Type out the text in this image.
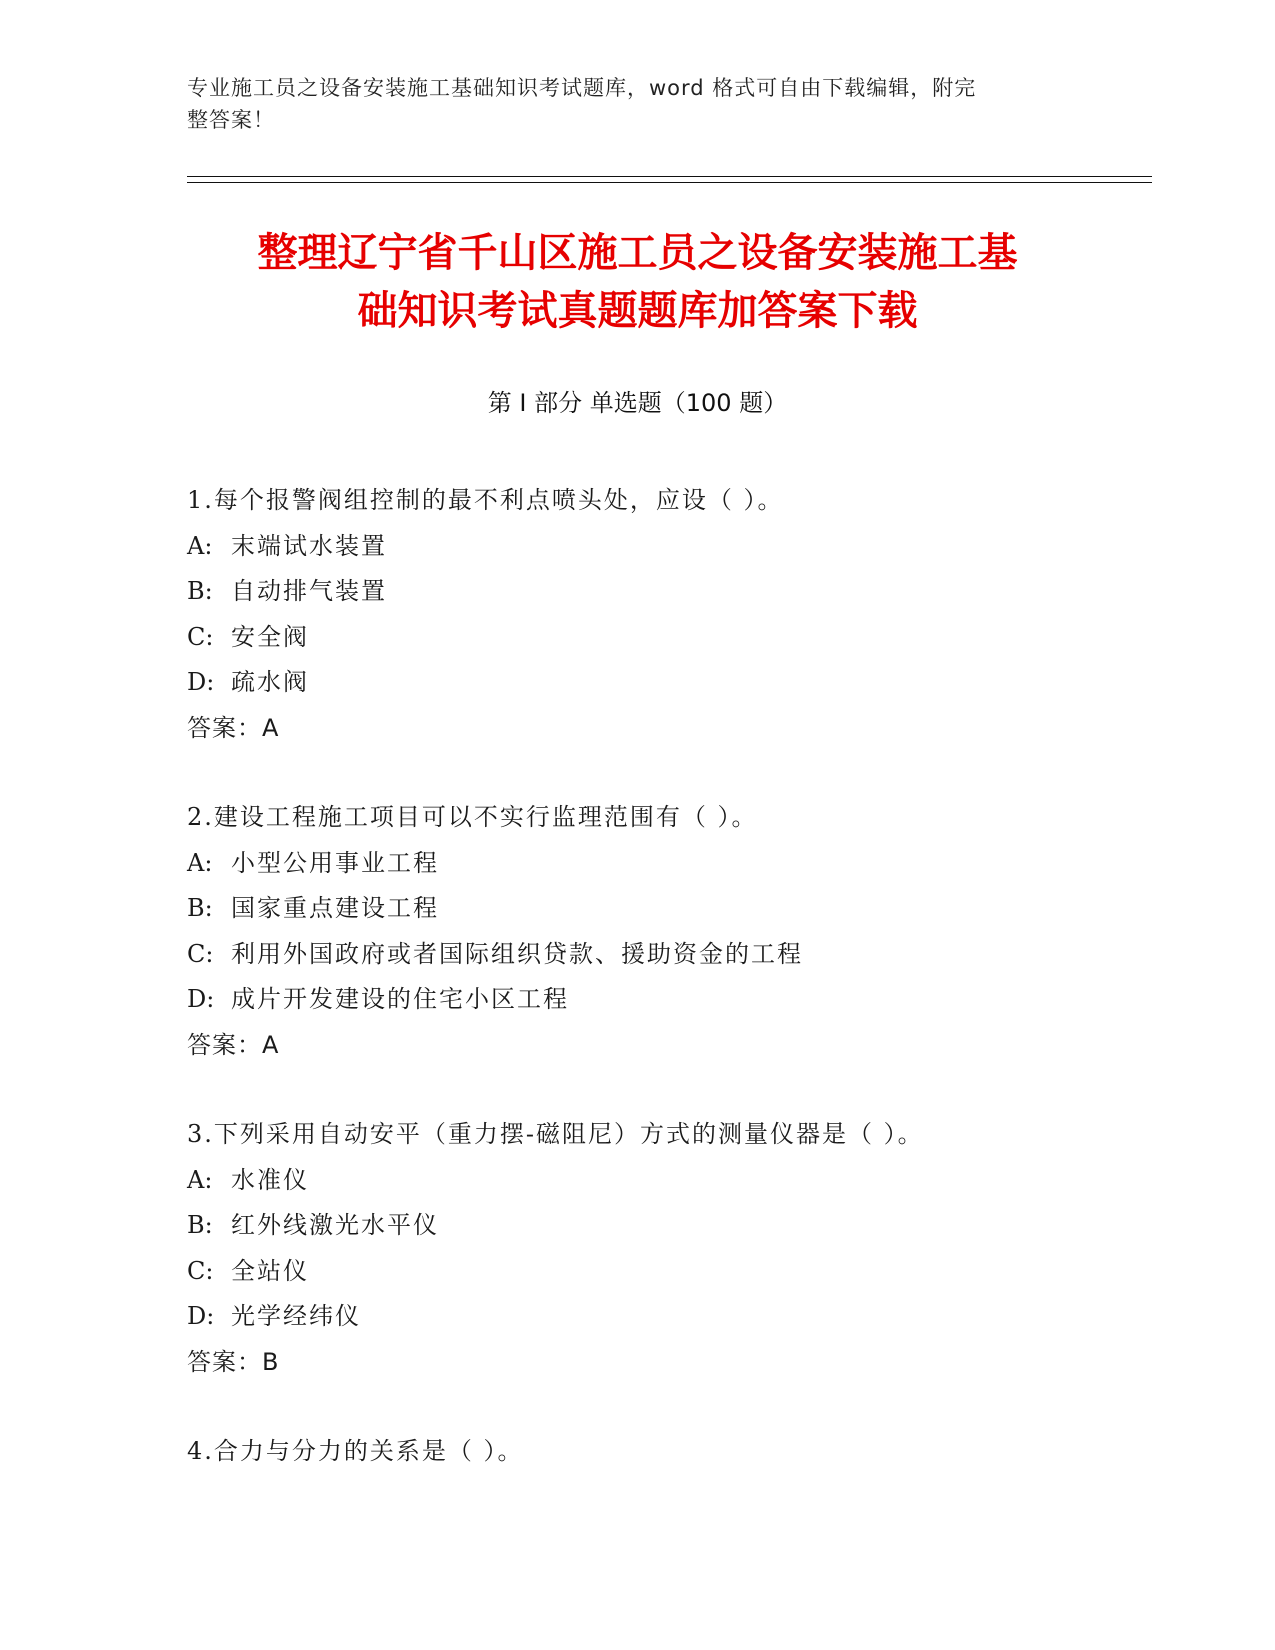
专业施工员之设备安装施工基础知识考试题库，word 格式可自由下载编辑，附完
整答案！
整理辽宁省千山区施工员之设备安装施工基
础知识考试真题题库加答案下载
第 I 部分 单选题（100 题）
1.每个报警阀组控制的最不利点喷头处，应设（ ）。
A: 末端试水装置
B: 自动排气装置
C: 安全阀
D: 疏水阀
答案：A
2.建设工程施工项目可以不实行监理范围有（ ）。
A: 小型公用事业工程
B: 国家重点建设工程
C: 利用外国政府或者国际组织贷款、援助资金的工程
D: 成片开发建设的住宅小区工程
答案：A
3.下列采用自动安平（重力摆-磁阻尼）方式的测量仪器是（ ）。
A: 水准仪
B: 红外线激光水平仪
C: 全站仪
D: 光学经纬仪
答案：B
4.合力与分力的关系是（ ）。
